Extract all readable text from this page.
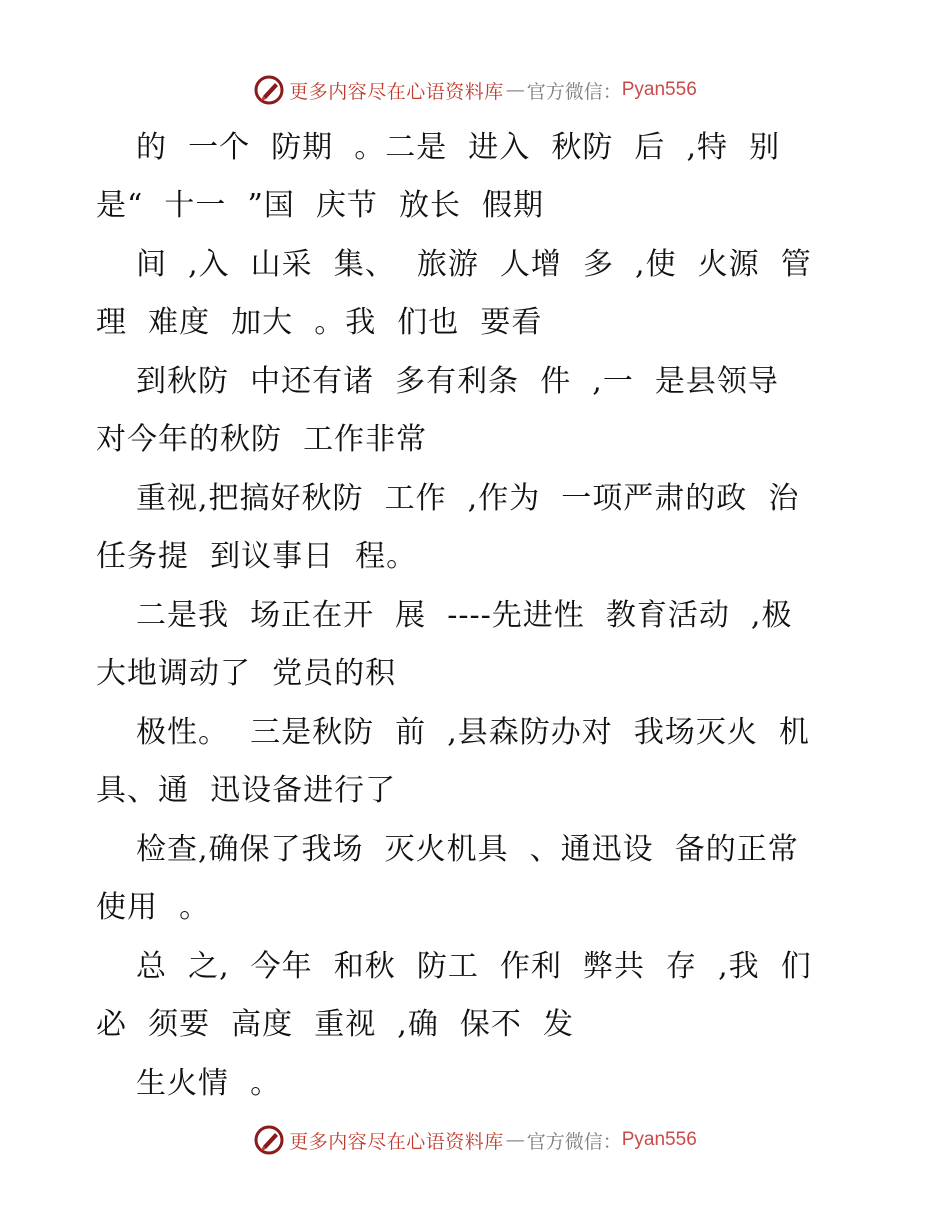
更多内容尽在心语资料库 — 官方微信： Pyan556
的  一个  防期  。二是  进入  秋防  后  ,特  别
是“  十一  ”国  庆节  放长  假期
间  ,入  山采  集、  旅游  人增  多  ,使  火源  管
理  难度  加大  。我  们也  要看
到秋防  中还有诸  多有利条  件  ,一  是县领导
对今年的秋防  工作非常
重视,把搞好秋防  工作  ,作为  一项严肃的政  治
任务提  到议事日  程。
二是我  场正在开  展  ----先进性  教育活动  ,极
大地调动了  党员的积
极性。  三是秋防  前  ,县森防办对  我场灭火  机
具、通  迅设备进行了
检查,确保了我场  灭火机具  、通迅设  备的正常
使用  。
总  之,  今年  和秋  防工  作利  弊共  存  ,我  们
必  须要  高度  重视  ,确  保不  发
生火情  。
更多内容尽在心语资料库 — 官方微信： Pyan556
